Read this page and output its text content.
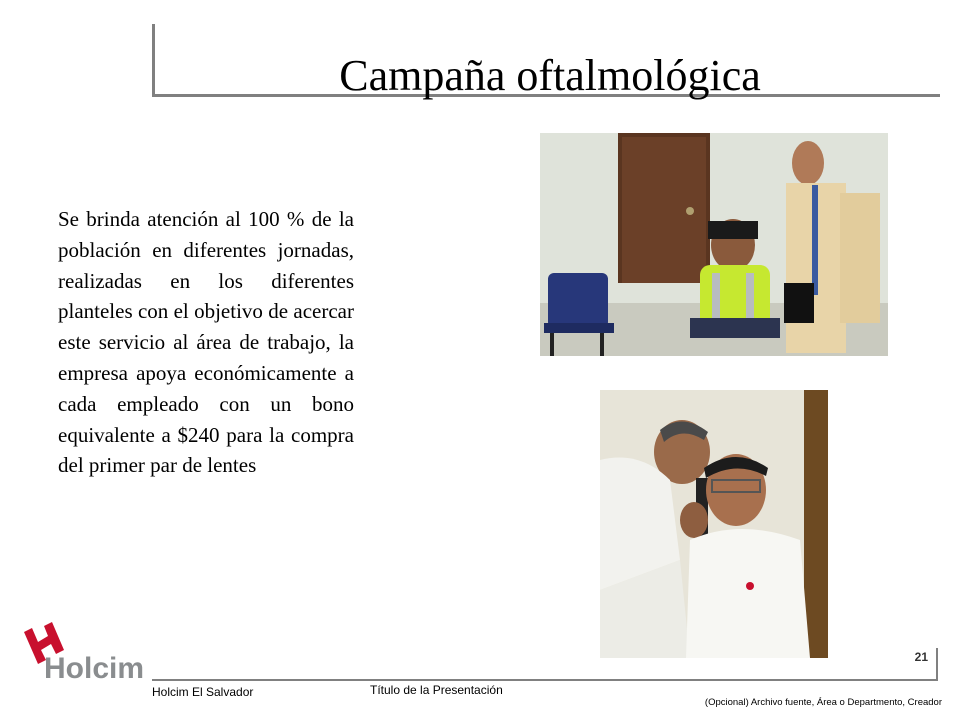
Campaña oftalmológica
Se brinda atención al 100 % de la población en diferentes jornadas, realizadas en los diferentes planteles con el objetivo de acercar este servicio al área de trabajo, la empresa apoya económicamente a cada empleado con un bono equivalente a $240 para la compra del primer par de lentes
Holcim	21
Holcim El Salvador	Título de la Presentación
(Opcional) Archivo fuente, Área o Departmento, Creador
